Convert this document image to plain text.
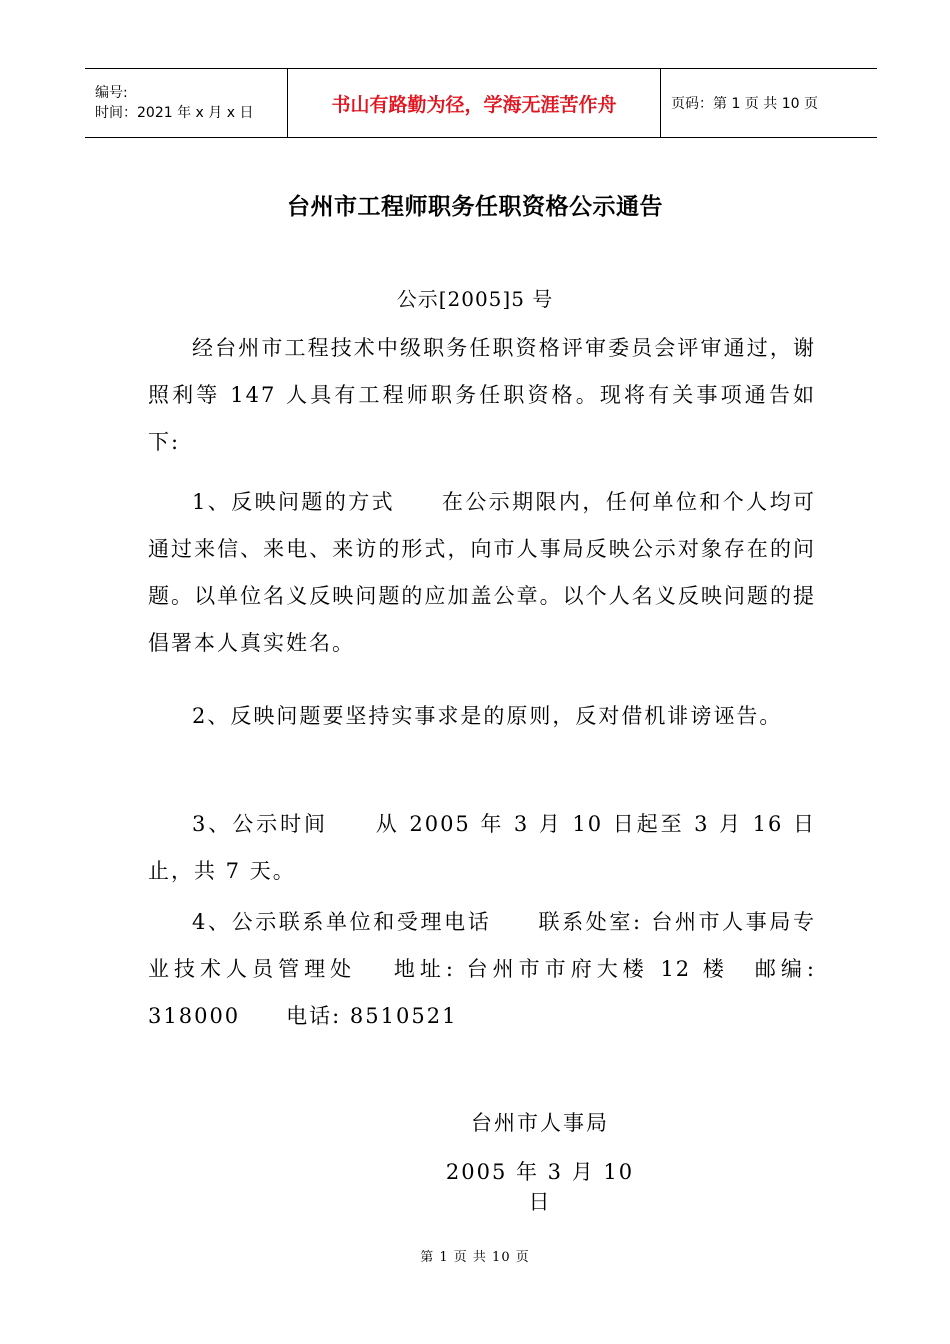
编号:
时间：2021 年 x 月 x 日	书山有路勤为径，学海无涯苦作舟	页码：第 1 页 共 10 页
台州市工程师职务任职资格公示通告
公示[2005]5 号
经台州市工程技术中级职务任职资格评审委员会评审通过，谢照利等 147 人具有工程师职务任职资格。现将有关事项通告如下:
1、反映问题的方式　　在公示期限内，任何单位和个人均可通过来信、来电、来访的形式，向市人事局反映公示对象存在的问题。以单位名义反映问题的应加盖公章。以个人名义反映问题的提倡署本人真实姓名。
2、反映问题要坚持实事求是的原则，反对借机诽谤诬告。
3、公示时间　　从 2005 年 3 月 10 日起至 3 月 16 日止，共 7 天。
4、公示联系单位和受理电话　　联系处室: 台州市人事局专业技术人员管理处　 地址: 台州市市府大楼 12 楼　邮编: 318000　　电话: 8510521
台州市人事局
2005 年 3 月 10 日
第 1 页 共 10 页
